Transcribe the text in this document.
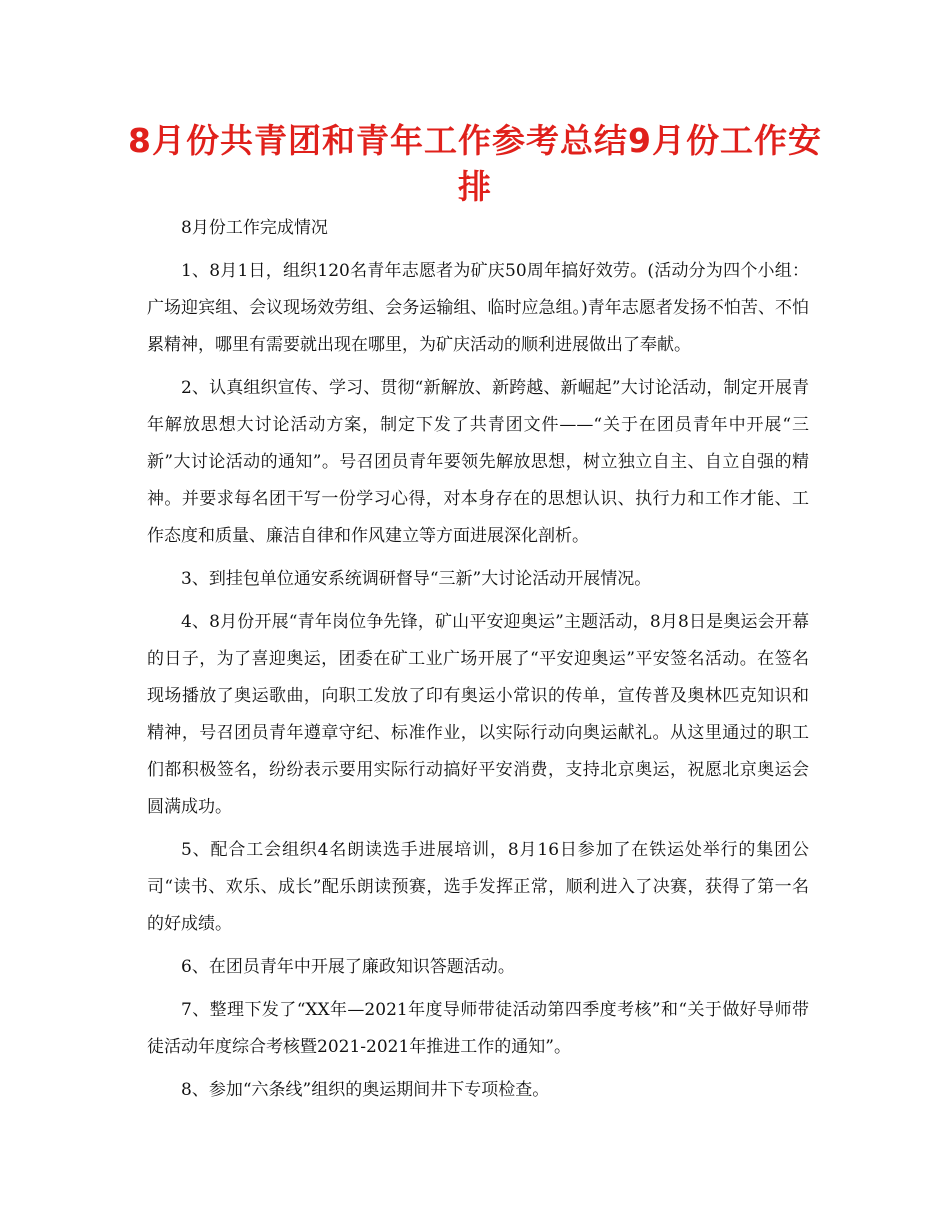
8月份共青团和青年工作参考总结9月份工作安排

8月份工作完成情况

1、8月1日，组织120名青年志愿者为矿庆50周年搞好效劳。(活动分为四个小组：广场迎宾组、会议现场效劳组、会务运输组、临时应急组。)青年志愿者发扬不怕苦、不怕累精神，哪里有需要就出现在哪里，为矿庆活动的顺利进展做出了奉献。

2、认真组织宣传、学习、贯彻“新解放、新跨越、新崛起”大讨论活动，制定开展青年解放思想大讨论活动方案，制定下发了共青团文件——“关于在团员青年中开展“三新”大讨论活动的通知”。号召团员青年要领先解放思想，树立独立自主、自立自强的精神。并要求每名团干写一份学习心得，对本身存在的思想认识、执行力和工作才能、工作态度和质量、廉洁自律和作风建立等方面进展深化剖析。

3、到挂包单位通安系统调研督导“三新”大讨论活动开展情况。

4、8月份开展“青年岗位争先锋，矿山平安迎奥运”主题活动，8月8日是奥运会开幕的日子，为了喜迎奥运，团委在矿工业广场开展了“平安迎奥运”平安签名活动。在签名现场播放了奥运歌曲，向职工发放了印有奥运小常识的传单，宣传普及奥林匹克知识和精神，号召团员青年遵章守纪、标准作业，以实际行动向奥运献礼。从这里通过的职工们都积极签名，纷纷表示要用实际行动搞好平安消费，支持北京奥运，祝愿北京奥运会圆满成功。

5、配合工会组织4名朗读选手进展培训，8月16日参加了在铁运处举行的集团公司“读书、欢乐、成长”配乐朗读预赛，选手发挥正常，顺利进入了决赛，获得了第一名的好成绩。

6、在团员青年中开展了廉政知识答题活动。

7、整理下发了“XX年—2021年度导师带徒活动第四季度考核”和“关于做好导师带徒活动年度综合考核暨2021-2021年推进工作的通知”。

8、参加“六条线”组织的奥运期间井下专项检查。
